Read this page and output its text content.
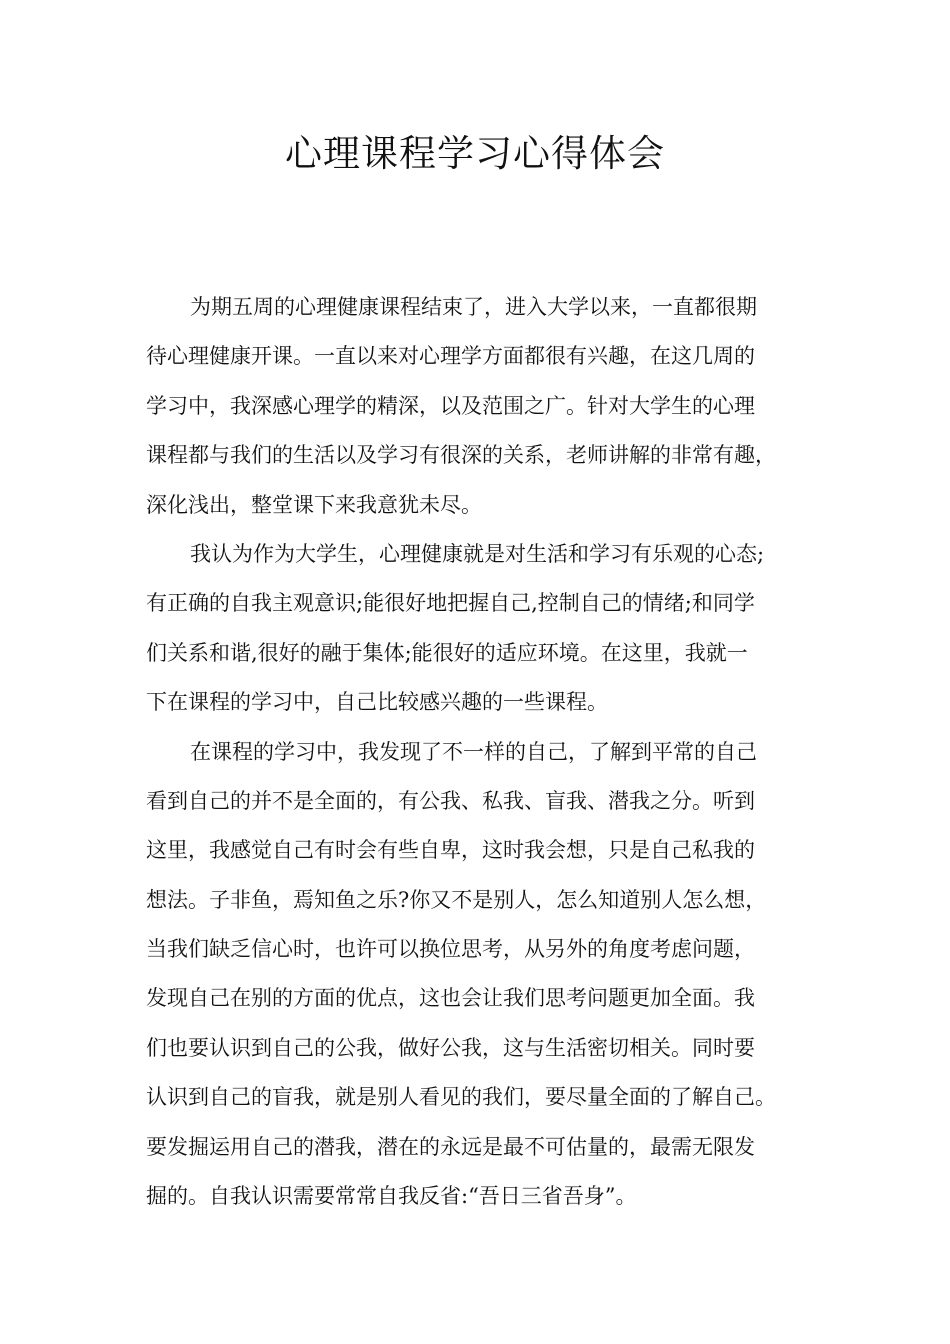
心理课程学习心得体会
为期五周的心理健康课程结束了，进入大学以来，一直都很期
待心理健康开课。一直以来对心理学方面都很有兴趣，在这几周的
学习中，我深感心理学的精深，以及范围之广。针对大学生的心理
课程都与我们的生活以及学习有很深的关系，老师讲解的非常有趣，
深化浅出，整堂课下来我意犹未尽。
我认为作为大学生，心理健康就是对生活和学习有乐观的心态;
有正确的自我主观意识;能很好地把握自己,控制自己的情绪;和同学
们关系和谐,很好的融于集体;能很好的适应环境。在这里，我就一
下在课程的学习中，自己比较感兴趣的一些课程。
在课程的学习中，我发现了不一样的自己，了解到平常的自己
看到自己的并不是全面的，有公我、私我、盲我、潜我之分。听到
这里，我感觉自己有时会有些自卑，这时我会想，只是自己私我的
想法。子非鱼，焉知鱼之乐?你又不是别人，怎么知道别人怎么想，
当我们缺乏信心时，也许可以换位思考，从另外的角度考虑问题，
发现自己在别的方面的优点，这也会让我们思考问题更加全面。我
们也要认识到自己的公我，做好公我，这与生活密切相关。同时要
认识到自己的盲我，就是别人看见的我们，要尽量全面的了解自己。
要发掘运用自己的潜我，潜在的永远是最不可估量的，最需无限发
掘的。自我认识需要常常自我反省:“吾日三省吾身”。
